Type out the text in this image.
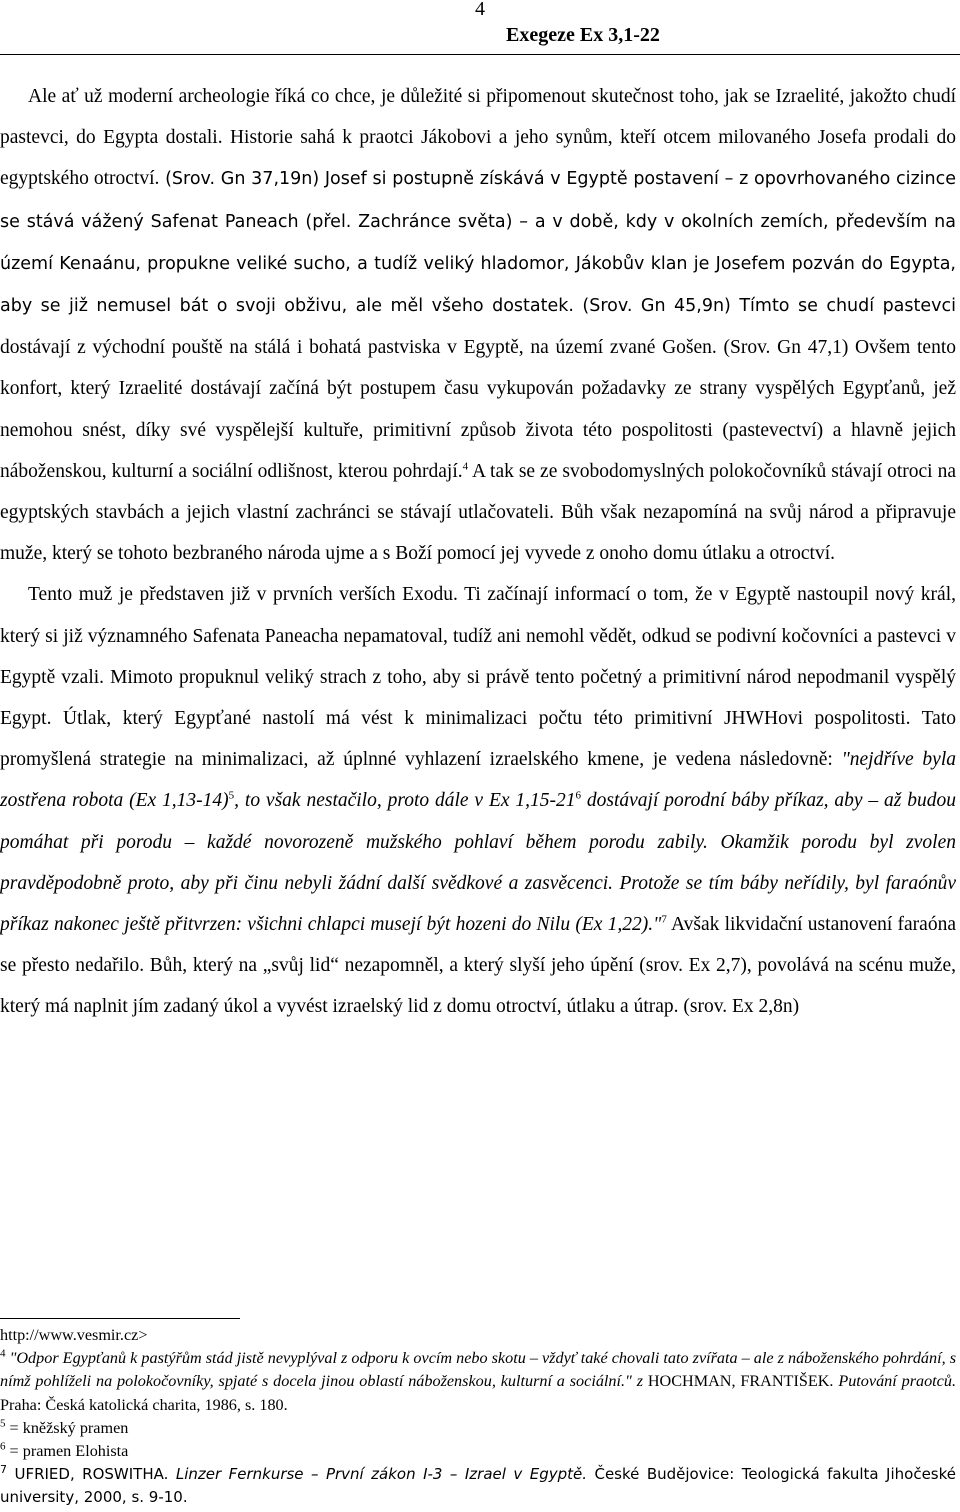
4
Exegeze Ex 3,1-22

Ale ať už moderní archeologie říká co chce, je důležité si připomenout skutečnost toho, jak se Izraelité, jakožto chudí pastevci, do Egypta dostali. Historie sahá k praotci Jákobovi a jeho synům, kteří otcem milovaného Josefa prodali do egyptského otroctví. (Srov. Gn 37,19n) Josef si postupně získává v Egyptě postavení – z opovrhovaného cizince se stává vážený Safenat Paneach (přel. Zachránce světa) – a v době, kdy v okolních zemích, především na území Kenaánu, propukne veliké sucho, a tudíž veliký hladomor, Jákobův klan je Josefem pozván do Egypta, aby se již nemusel bát o svoji obživu, ale měl všeho dostatek. (Srov. Gn 45,9n) Tímto se chudí pastevci dostávají z východní pouště na stálá i bohatá pastviska v Egyptě, na území zvané Gošen. (Srov. Gn 47,1) Ovšem tento konfort, který Izraelité dostávají začíná být postupem času vykupován požadavky ze strany vyspělých Egypťanů, jež nemohou snést, díky své vyspělejší kultuře, primitivní způsob života této pospolitosti (pastevectví) a hlavně jejich náboženskou, kulturní a sociální odlišnost, kterou pohrdají.$^4$ A tak se ze svobodomyslných polokočovníků stávají otroci na egyptských stavbách a jejich vlastní zachránci se stávají utlačovateli. Bůh však nezapomíná na svůj národ a připravuje muže, který se tohoto bezbraného národa ujme a s Boží pomocí jej vyvede z onoho domu útlaku a otroctví.

Tento muž je představen již v prvních verších Exodu. Ti začínají informací o tom, že v Egyptě nastoupil nový král, který si již významného Safenata Paneacha nepamatoval, tudíž ani nemohl vědět, odkud se podivní kočovníci a pastevci v Egyptě vzali. Mimoto propuknul veliký strach z toho, aby si právě tento početný a primitivní národ nepodmanil vyspělý Egypt. Útlak, který Egypťané nastolí má vést k minimalizaci počtu této primitivní JHWHovi pospolitosti. Tato promyšlená strategie na minimalizaci, až úplnné vyhlazení izraelského kmene, je vedena následovně: "nejdříve byla zostřena robota (Ex 1,13-14)$^5$, to však nestačilo, proto dále v Ex $1,15-21^6$ dostávají porodní báby příkaz, aby – až budou pomáhat při porodu – každé novorozeně mužského pohlaví během porodu zabily. Okamžik porodu byl zvolen pravděpodobně proto, aby při činu nebyli žádní další svědkové a zasvěcenci. Protože se tím báby neřídily, byl faraónův příkaz nakonec ještě přitvrzen: všichni chlapci musejí být hozeni do Nilu (Ex 1,22)."$^7$ Avšak likvidační ustanovení faraóna se přesto nedařilo. Bůh, který na „svůj lid“ nezapomněl, a který slyší jeho úpění (srov. Ex 2,7), povolává na scénu muže, který má naplnit jím zadaný úkol a vyvést izraelský lid z domu otroctví, útlaku a útrap. (srov. Ex 2,8n)

http://www.vesmir.cz>

$^4$ "Odpor Egypťanů k pastýřům stád jistě nevyplýval z odporu k ovcím nebo skotu – vždyť také chovali tato zvířata – ale z náboženského pohrdání, s nímž pohlíželi na polokočovníky, spjaté s docela jinou oblastí náboženskou, kulturní a sociální." z HOCHMAN, FRANTIŠEK. Putování praotců. Praha: Česká katolická charita, 1986, s. 180.

$^5$ = kněžský pramen

$^6$ = pramen Elohista

$^7$ UFRIED, ROSWITHA. Linzer Fernkurse – První zákon I-3 – Izrael v Egyptě. České Budějovice: Teologická fakulta Jihočeské university, 2000, s. 9-10.
